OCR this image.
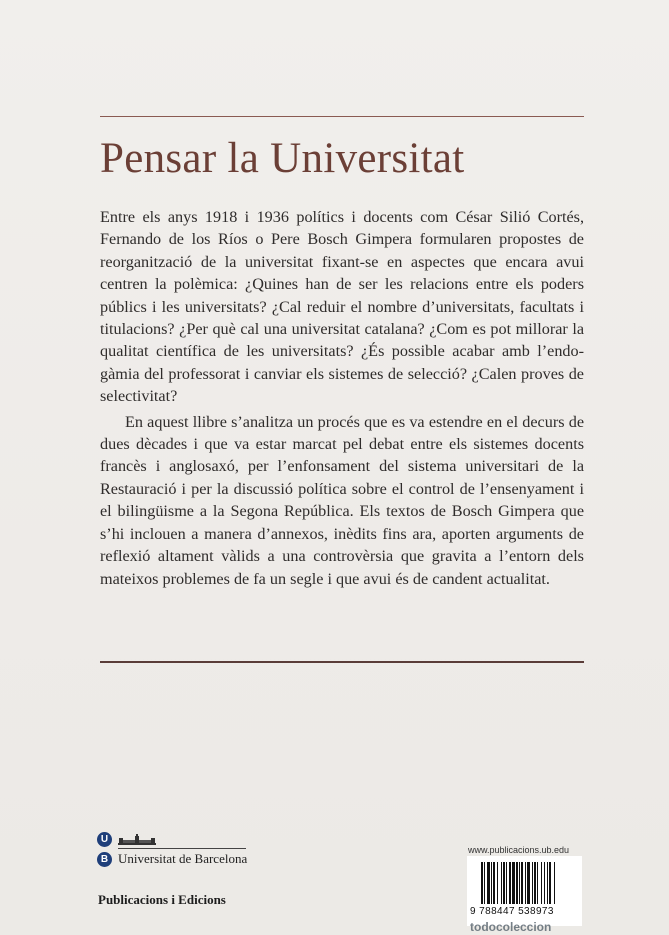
Pensar la Universitat

Entre els anys 1918 i 1936 polítics i docents com César Silió Cortés, Fernando de los Ríos o Pere Bosch Gimpera formularen propostes de reorganització de la universitat fixant-se en aspectes que encara avui centren la polèmica: ¿Quines han de ser les relacions entre els poders públics i les universitats? ¿Cal reduir el nombre d’universitats, facultats i titulacions? ¿Per què cal una universitat catalana? ¿Com es pot millorar la qualitat científica de les universitats? ¿És possible acabar amb l’endogàmia del professorat i canviar els sistemes de selecció? ¿Calen proves de selectivitat?

En aquest llibre s’analitza un procés que es va estendre en el decurs de dues dècades i que va estar marcat pel debat entre els sistemes docents francès i anglosaxó, per l’enfonsament del sistema universitari de la Restauració i per la discussió política sobre el control de l’ensenyament i el bilingüisme a la Segona República. Els textos de Bosch Gimpera que s’hi inclouen a manera d’annexos, inèdits fins ara, aporten arguments de reflexió altament vàlids a una controvèrsia que gravita a l’entorn dels mateixos problemes de fa un segle i que avui és de candent actualitat.

U
B Universitat de Barcelona
Publicacions i Edicions
www.publicacions.ub.edu
9 788447 538973
todocoleccion
